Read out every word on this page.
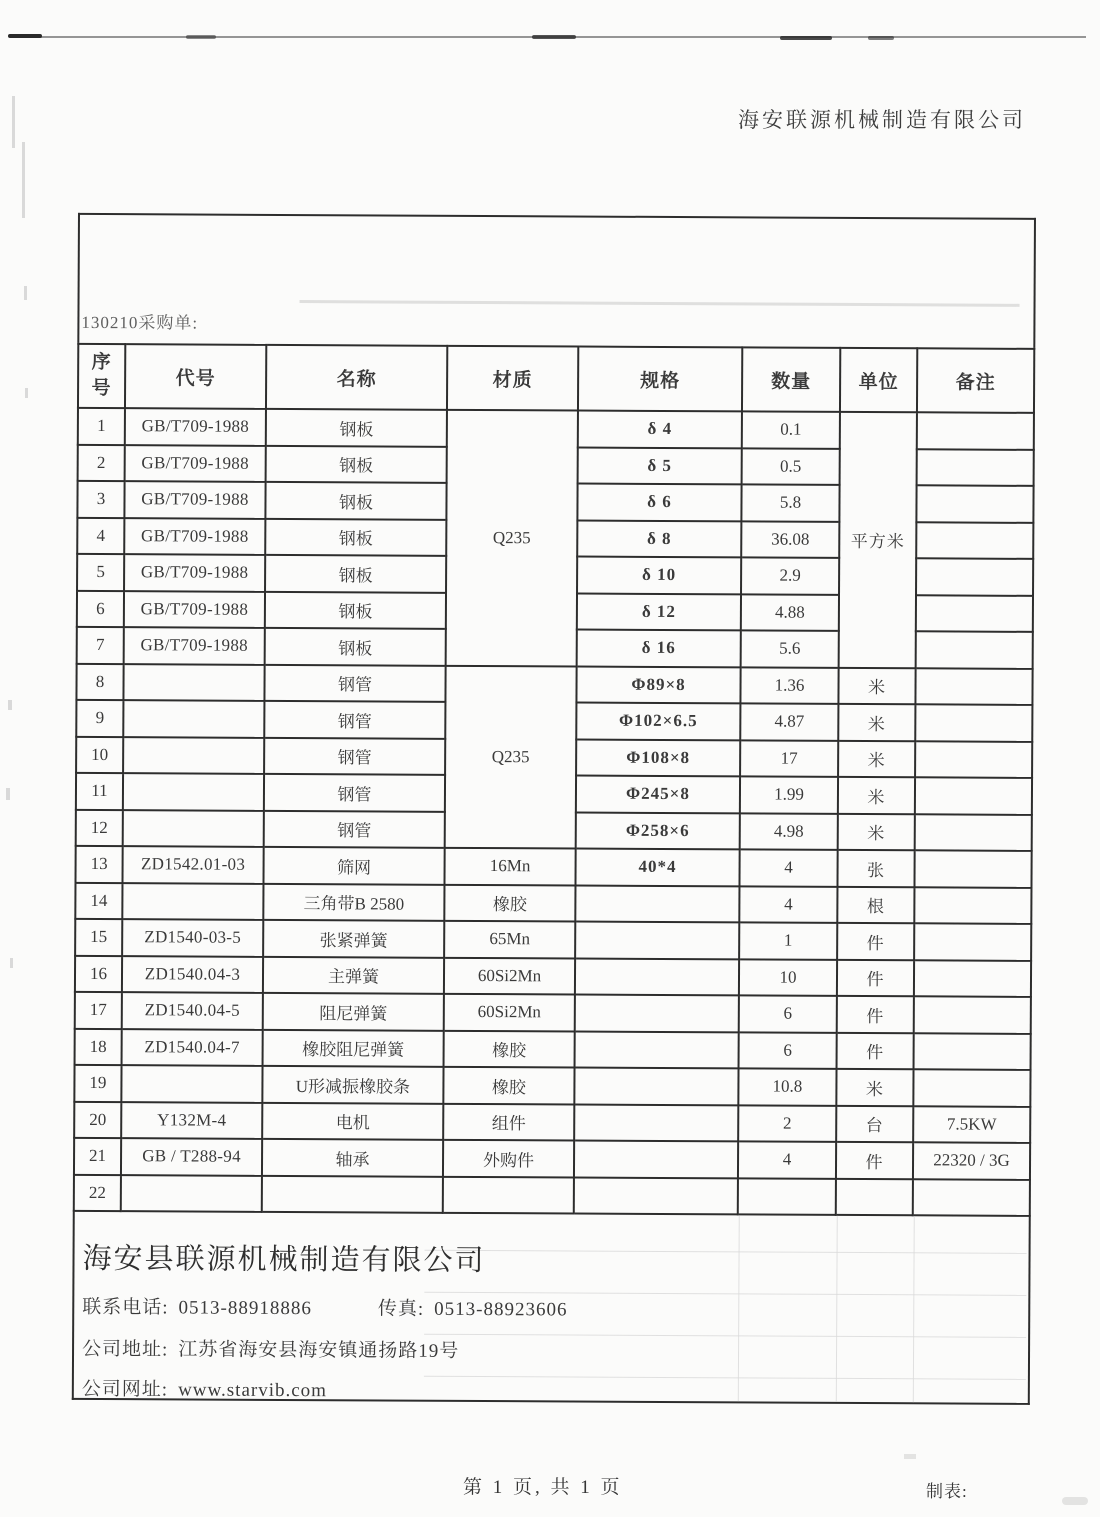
海安联源机械制造有限公司
130210采购单:
序号	代号	名称	材质	规格	数量	单位	备注
1	GB/T709-1988	钢板	Q235	δ 4	0.1	平方米	
2	GB/T709-1988	钢板		δ 5	0.5		
3	GB/T709-1988	钢板		δ 6	5.8		
4	GB/T709-1988	钢板		δ 8	36.08		
5	GB/T709-1988	钢板		δ 10	2.9		
6	GB/T709-1988	钢板		δ 12	4.88		
7	GB/T709-1988	钢板		δ 16	5.6		
8		钢管	Q235	Φ89×8	1.36	米	
9		钢管		Φ102×6.5	4.87	米	
10		钢管		Φ108×8	17	米	
11		钢管		Φ245×8	1.99	米	
12		钢管		Φ258×6	4.98	米	
13	ZD1542.01-03	筛网	16Mn	40*4	4	张	
14		三角带B 2580	橡胶		4	根	
15	ZD1540-03-5	张紧弹簧	65Mn		1	件	
16	ZD1540.04-3	主弹簧	60Si2Mn		10	件	
17	ZD1540.04-5	阻尼弹簧	60Si2Mn		6	件	
18	ZD1540.04-7	橡胶阻尼弹簧	橡胶		6	件	
19		U形减振橡胶条	橡胶		10.8	米	
20	Y132M-4	电机	组件		2	台	7.5KW
21	GB / T288-94	轴承	外购件		4	件	22320 / 3G
22							
海安县联源机械制造有限公司
联系电话: 0513-88918886	传真: 0513-88923606
公司地址: 江苏省海安县海安镇通扬路19号
公司网址: www.starvib.com
第 1 页, 共 1 页	制表:
